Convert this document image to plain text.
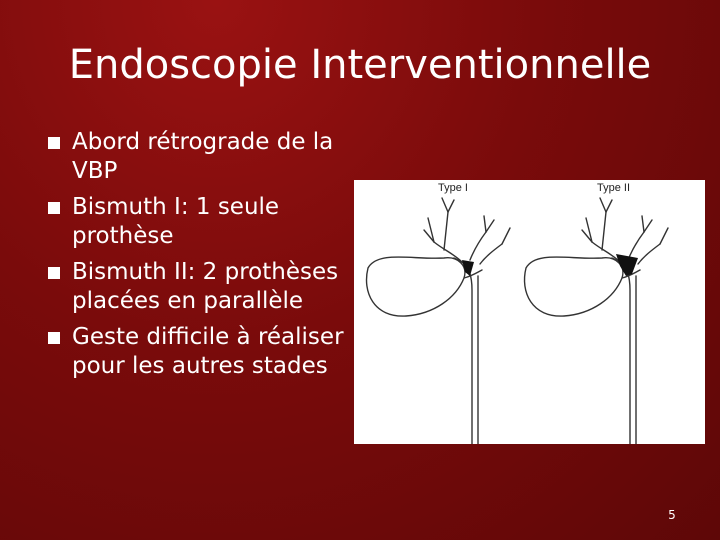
Endoscopie Interventionnelle
Abord rétrograde de la VBP
Bismuth I: 1 seule prothèse
Bismuth II: 2 prothèses placées en parallèle
Geste difficile à réaliser pour les autres stades
Type I	Type II
5
